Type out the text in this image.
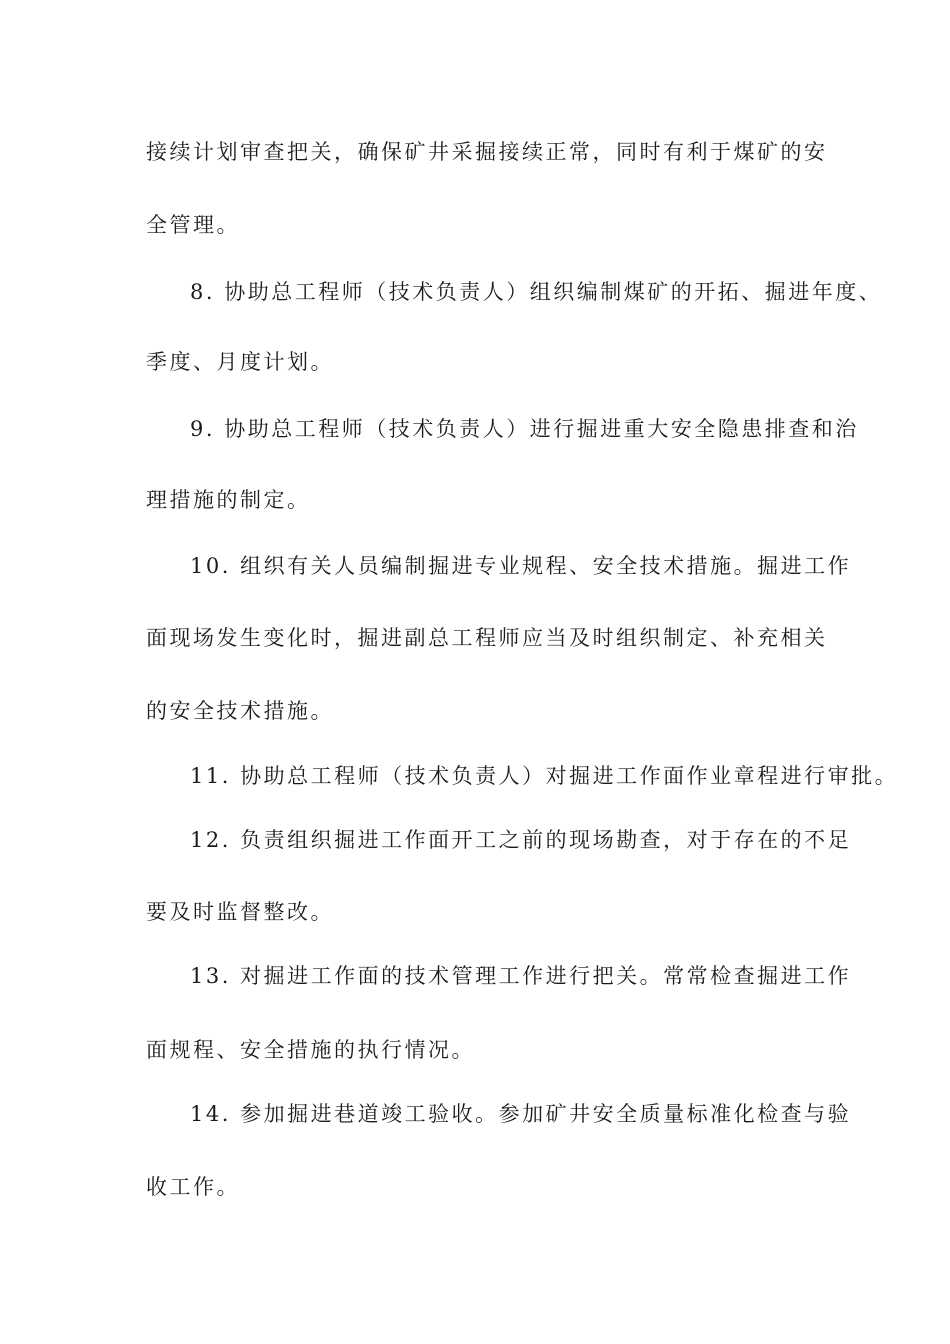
接续计划审查把关，确保矿井采掘接续正常，同时有利于煤矿的安
全管理。
8. 协助总工程师（技术负责人）组织编制煤矿的开拓、掘进年度、
季度、月度计划。
9. 协助总工程师（技术负责人）进行掘进重大安全隐患排查和治
理措施的制定。
10. 组织有关人员编制掘进专业规程、安全技术措施。掘进工作
面现场发生变化时，掘进副总工程师应当及时组织制定、补充相关
的安全技术措施。
11. 协助总工程师（技术负责人）对掘进工作面作业章程进行审批。
12. 负责组织掘进工作面开工之前的现场勘查，对于存在的不足
要及时监督整改。
13. 对掘进工作面的技术管理工作进行把关。常常检查掘进工作
面规程、安全措施的执行情况。
14. 参加掘进巷道竣工验收。参加矿井安全质量标准化检查与验
收工作。
